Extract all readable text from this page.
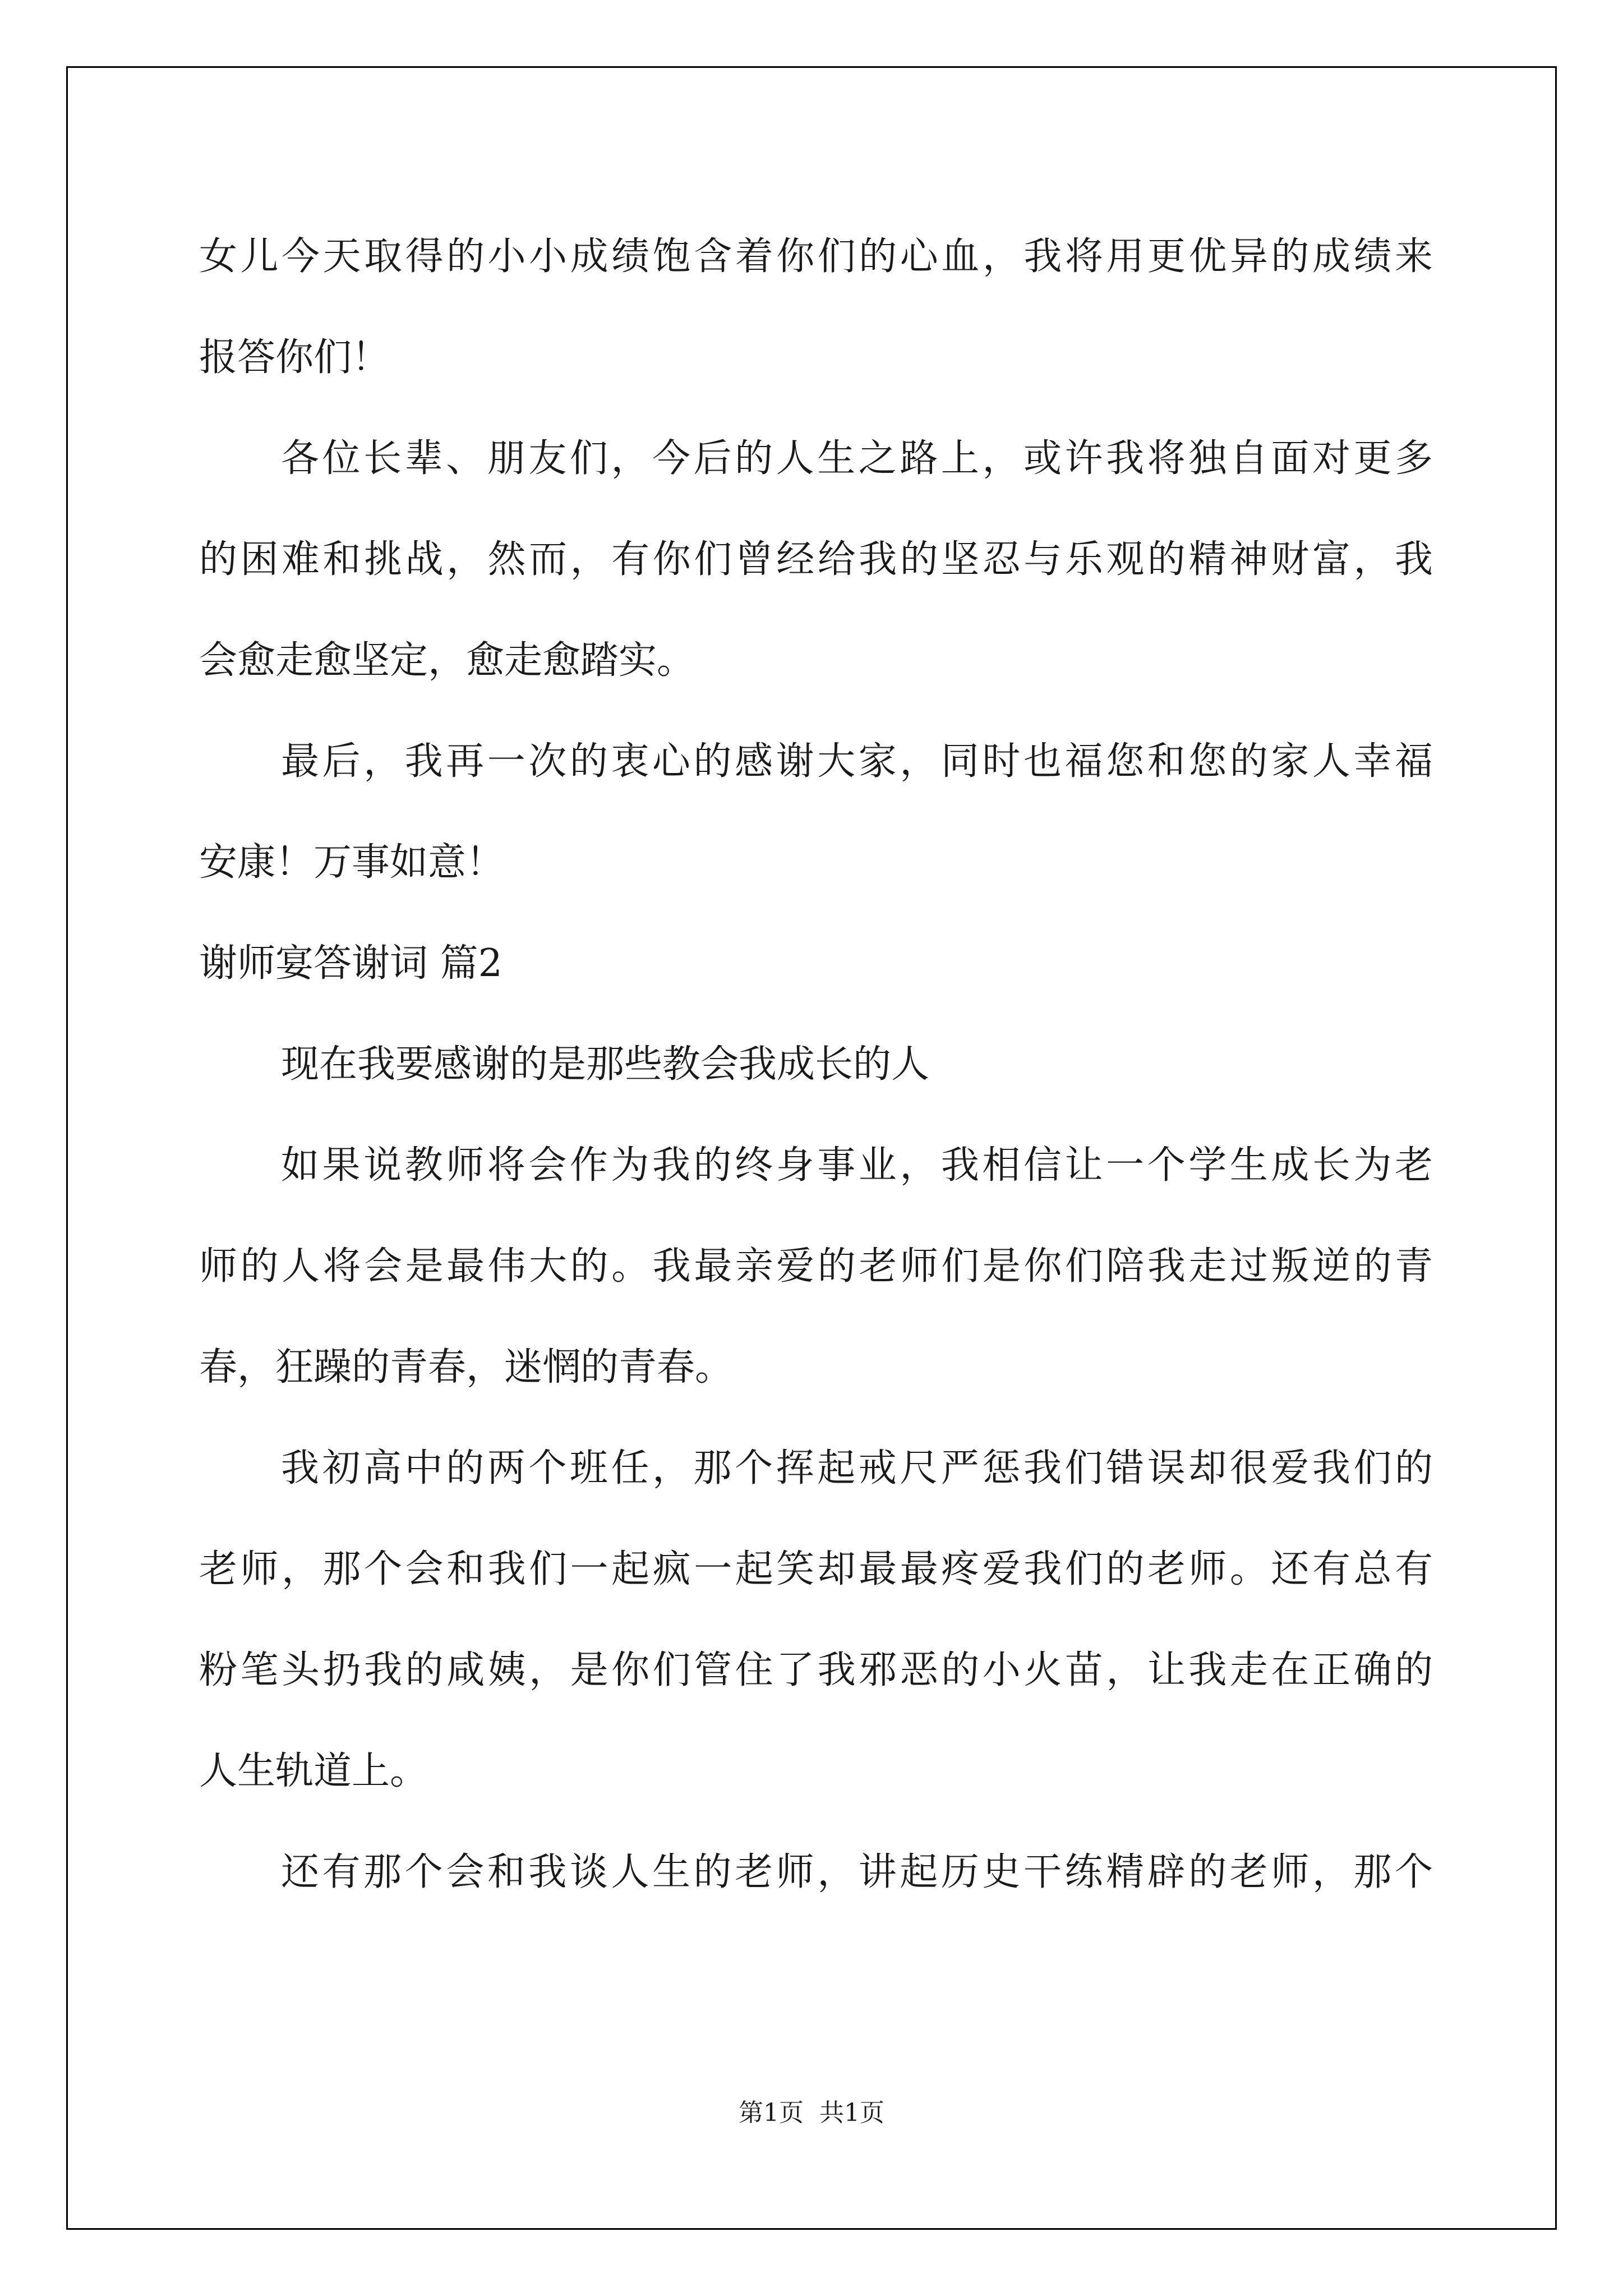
女儿今天取得的小小成绩饱含着你们的心血，我将用更优异的成绩来
报答你们！
各位长辈、朋友们，今后的人生之路上，或许我将独自面对更多
的困难和挑战，然而，有你们曾经给我的坚忍与乐观的精神财富，我
会愈走愈坚定，愈走愈踏实。
最后，我再一次的衷心的感谢大家，同时也福您和您的家人幸福
安康！万事如意！
谢师宴答谢词 篇2
现在我要感谢的是那些教会我成长的人
如果说教师将会作为我的终身事业，我相信让一个学生成长为老
师的人将会是最伟大的。我最亲爱的老师们是你们陪我走过叛逆的青
春，狂躁的青春，迷惘的青春。
我初高中的两个班任，那个挥起戒尺严惩我们错误却很爱我们的
老师，那个会和我们一起疯一起笑却最最疼爱我们的老师。还有总有
粉笔头扔我的咸姨，是你们管住了我邪恶的小火苗，让我走在正确的
人生轨道上。
还有那个会和我谈人生的老师，讲起历史干练精辟的老师，那个
第1页 共1页
